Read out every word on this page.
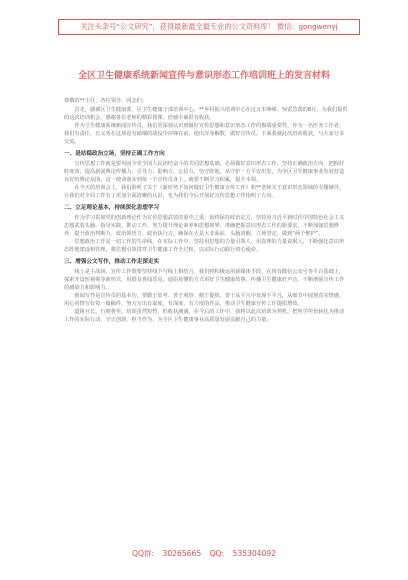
关注头条号“公文研究”，获得最新最全最专业的公文资料库！ 微信：gongwenyj
全区卫生健康系统新闻宣传与意识形态工作培训班上的发言材料

尊敬的**主任、各位领导、同志们：

首先，感谢区卫生健康委、区卫生健康干部培训中心，**乡村振兴培训中心在这万木峥嵘、惊雷急荫的8月，为我们提供的这次培训机会，感谢各位老师的精彩授课，倍感丰硕很有收获。

作为卫生健康系统新闻宣传员，我们更深刻认识到做好宣传思想和意识形态工作的极端重要性，作为一名医务工作者，我们有责任，有义务在这场没有硝烟的战役中冲锋在前，使出浑身解数，做好宣传员。下面我就此次培训收获，与大家分享交流。

一、是站稳政治立场，坚持正确工作方向

宣传思想工作就是要巩固全党全国人民团结奋斗的共同思想基础。必须做好意识形态工作，坚持正确政治方向，把握好时度效，提高新闻舆论传播力、引导力、影响力、公信力，坚守阵地，从守护一方平安出发，为全区卫生健康事业发展营造良好的舆论氛围，这一使命落实到每一个宣传员身上，就要不断学习积累，提升本领。

在今天的培训会上，我们聆听了关于《新形势下如何做好卫生健康宣传工作》和**老师关于意识形态领域的专题辅导，让我们对全局工作有了更加全面清晰的认识，也为我们今后开展好宣传思想工作指明了方向。

二、立足理论基本，持续深化思想学习

作为学习贯彻党的创新理论作为宣传思想武装的重中之重，始终保持政治定力，坚持用习近平新时代中国特色社会主义思想武装头脑、指导实践、推动工作，努力提升理论素养和思想境界，准确把握意识形态工作的新要求，不断加强思想修养，提升政治判断力、政治领悟力、政治执行力，确保在大是大非面前，头脑清醒、立场坚定，做到“两个维护”。

思想政治工作是一切工作的生命线，在实际工作中，坚持用思想的力量引领人、用真理的力量说服人，不断强化意识形态阵地建设和管理，将思想引领贯穿卫生健康工作全过程，以实际行动践行初心使命。

三、增强公文写作，推动工作走深走实

线上是主战场，宣传工作既要坚持线下与线上相结合，我们将积极运用新媒体手段，在现有微信公众号等平台基础上，探索开设短视频等新形式，用群众喜闻乐见、通俗易懂的方式讲好卫生健康故事，传播卫生健康好声音，不断增强宣传工作的感染力和影响力。

新闻写作是宣传员的基本功，要勤于思考、善于观察、精于提炼，善于从平凡中发现不平凡，从细节中展现真实情感，用心用情写好每一篇稿件，努力写出有温度、有深度、有力度的作品，推动卫生健康宣传工作提质增效。

道阻且长，行则将至。培训虽然短暂，但收获满满。在今后的工作中，我将以此次培训为契机，把所学所悟转化为推动工作的实际行动，守正创新，担当作为，为全区卫生健康事业高质量发展贡献自己的力量。

QQ群: 30265665 QQ: 535304092
